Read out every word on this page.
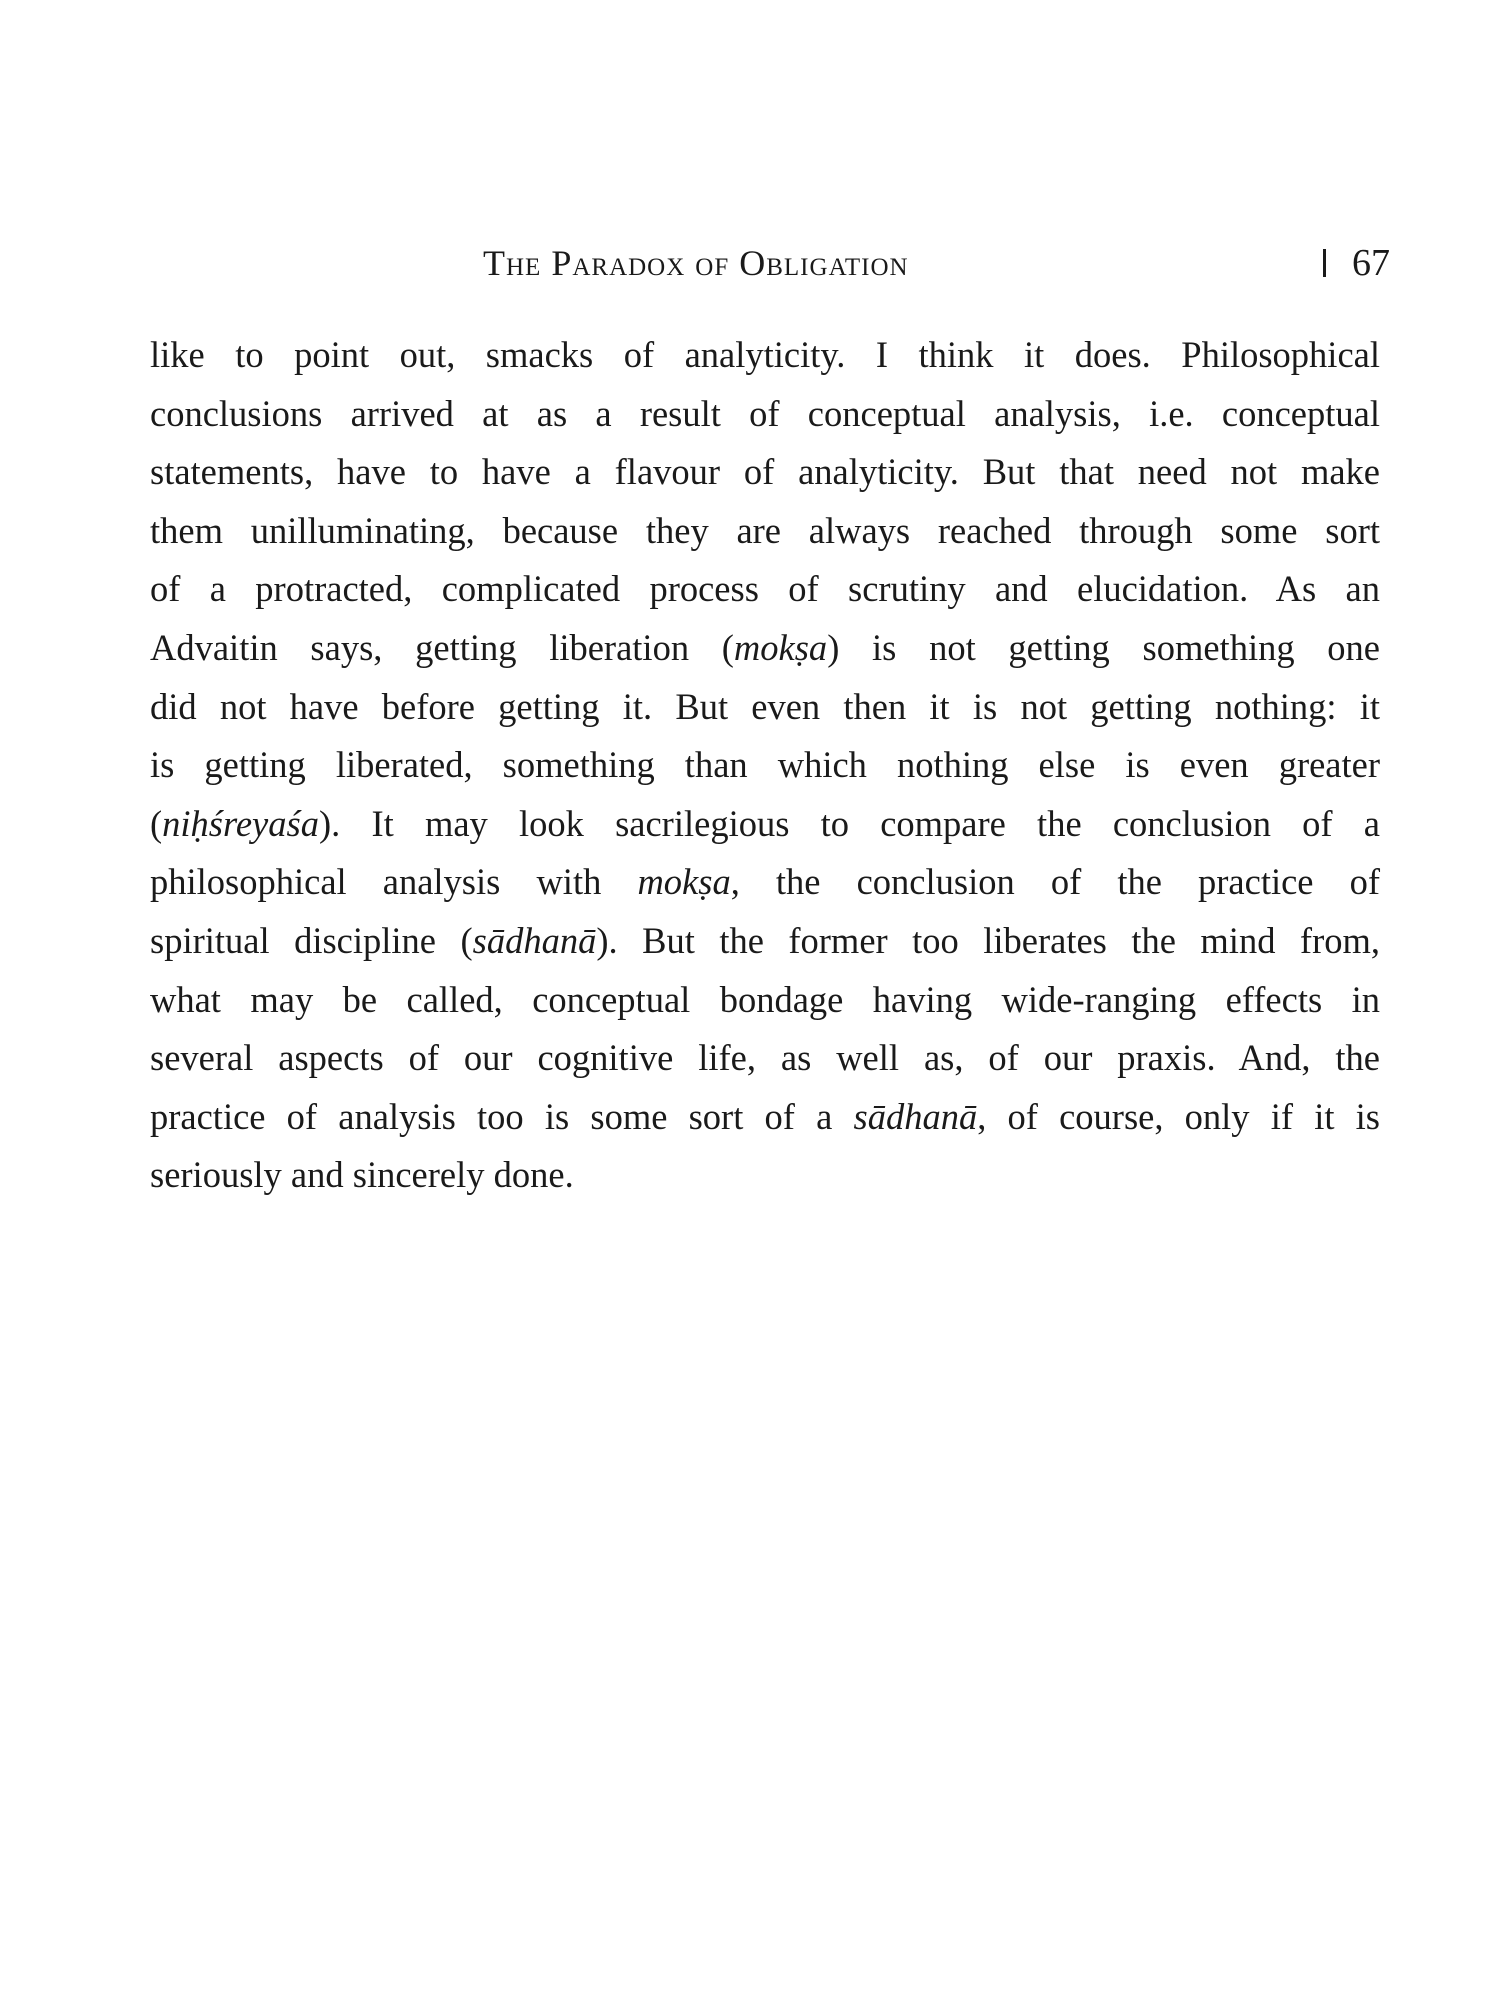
The Paradox of Obligation	67
like to point out, smacks of analyticity. I think it does. Philosophical
conclusions arrived at as a result of conceptual analysis, i.e. conceptual
statements, have to have a flavour of analyticity. But that need not make
them unilluminating, because they are always reached through some sort
of a protracted, complicated process of scrutiny and elucidation. As an
Advaitin says, getting liberation (mokṣa) is not getting something one
did not have before getting it. But even then it is not getting nothing: it
is getting liberated, something than which nothing else is even greater
(niḥśreyaśa). It may look sacrilegious to compare the conclusion of a
philosophical analysis with mokṣa, the conclusion of the practice of
spiritual discipline (sādhanā). But the former too liberates the mind from,
what may be called, conceptual bondage having wide-ranging effects in
several aspects of our cognitive life, as well as, of our praxis. And, the
practice of analysis too is some sort of a sādhanā, of course, only if it is
seriously and sincerely done.
